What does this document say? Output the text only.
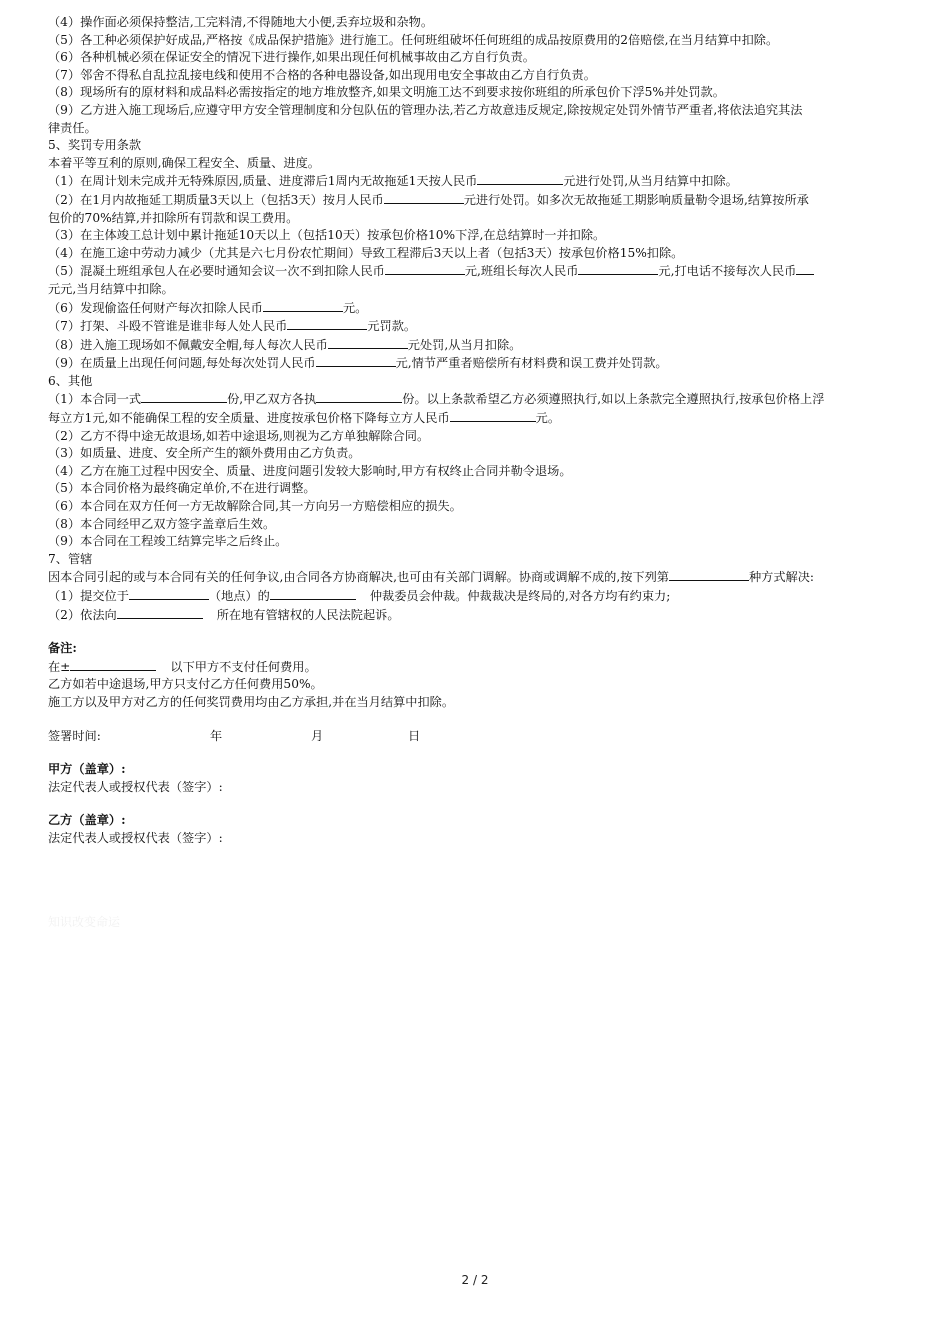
（4）操作面必须保持整洁,工完料清,不得随地大小便,丢弃垃圾和杂物。
（5）各工种必须保护好成品,严格按《成品保护措施》进行施工。任何班组破坏任何班组的成品按原费用的2倍赔偿,在当月结算中扣除。
（6）各种机械必须在保证安全的情况下进行操作,如果出现任何机械事故由乙方自行负责。
（7）邻舍不得私自乱拉乱接电线和使用不合格的各种电器设备,如出现用电安全事故由乙方自行负责。
（8）现场所有的原材料和成品料必需按指定的地方堆放整齐,如果文明施工达不到要求按你班组的所承包价下浮5%并处罚款。
（9）乙方进入施工现场后,应遵守甲方安全管理制度和分包队伍的管理办法,若乙方故意违反规定,除按规定处罚外情节严重者,将依法追究其法
律责任。
5、奖罚专用条款
本着平等互利的原则,确保工程安全、质量、进度。
（1）在周计划未完成并无特殊原因,质量、进度滞后1周内无故拖延1天按人民币	元进行处罚,从当月结算中扣除。
（2）在1月内故拖延工期质量3天以上（包括3天）按月人民币	元进行处罚。如多次无故拖延工期影响质量勒令退场,结算按所承
包价的70%结算,并扣除所有罚款和误工费用。
（3）在主体竣工总计划中累计拖延10天以上（包括10天）按承包价格10%下浮,在总结算时一并扣除。
（4）在施工途中劳动力减少（尤其是六七月份农忙期间）导致工程滞后3天以上者（包括3天）按承包价格15%扣除。
（5）混凝土班组承包人在必要时通知会议一次不到扣除人民币	元,班组长每次人民币	元,打电话不接每次人民币
元元,当月结算中扣除。
（6）发现偷盗任何财产每次扣除人民币	元。
（7）打架、斗殴不管谁是谁非每人处人民币	元罚款。
（8）进入施工现场如不佩戴安全帽,每人每次人民币	元处罚,从当月扣除。
（9）在质量上出现任何问题,每处每次处罚人民币	元,情节严重者赔偿所有材料费和误工费并处罚款。
6、其他
（1）本合同一式	份,甲乙双方各执	份。以上条款希望乙方必须遵照执行,如以上条款完全遵照执行,按承包价格上浮
每立方1元,如不能确保工程的安全质量、进度按承包价格下降每立方人民币	元。
（2）乙方不得中途无故退场,如若中途退场,则视为乙方单独解除合同。
（3）如质量、进度、安全所产生的额外费用由乙方负责。
（4）乙方在施工过程中因安全、质量、进度问题引发较大影响时,甲方有权终止合同并勒令退场。
（5）本合同价格为最终确定单价,不在进行调整。
（6）本合同在双方任何一方无故解除合同,其一方向另一方赔偿相应的损失。
（8）本合同经甲乙双方签字盖章后生效。
（9）本合同在工程竣工结算完毕之后终止。
7、管辖
因本合同引起的或与本合同有关的任何争议,由合同各方协商解决,也可由有关部门调解。协商或调解不成的,按下列第	种方式解决:
（1）提交位于	（地点）的	仲裁委员会仲裁。仲裁裁决是终局的,对各方均有约束力;
（2）依法向	所在地有管辖权的人民法院起诉。
备注:
在±	以下甲方不支付任何费用。
乙方如若中途退场,甲方只支付乙方任何费用50%。
施工方以及甲方对乙方的任何奖罚费用均由乙方承担,并在当月结算中扣除。
签署时间:	年	月	日
甲方（盖章）:
法定代表人或授权代表（签字）:
乙方（盖章）:
法定代表人或授权代表（签字）:
知识改变命运
2 / 2
